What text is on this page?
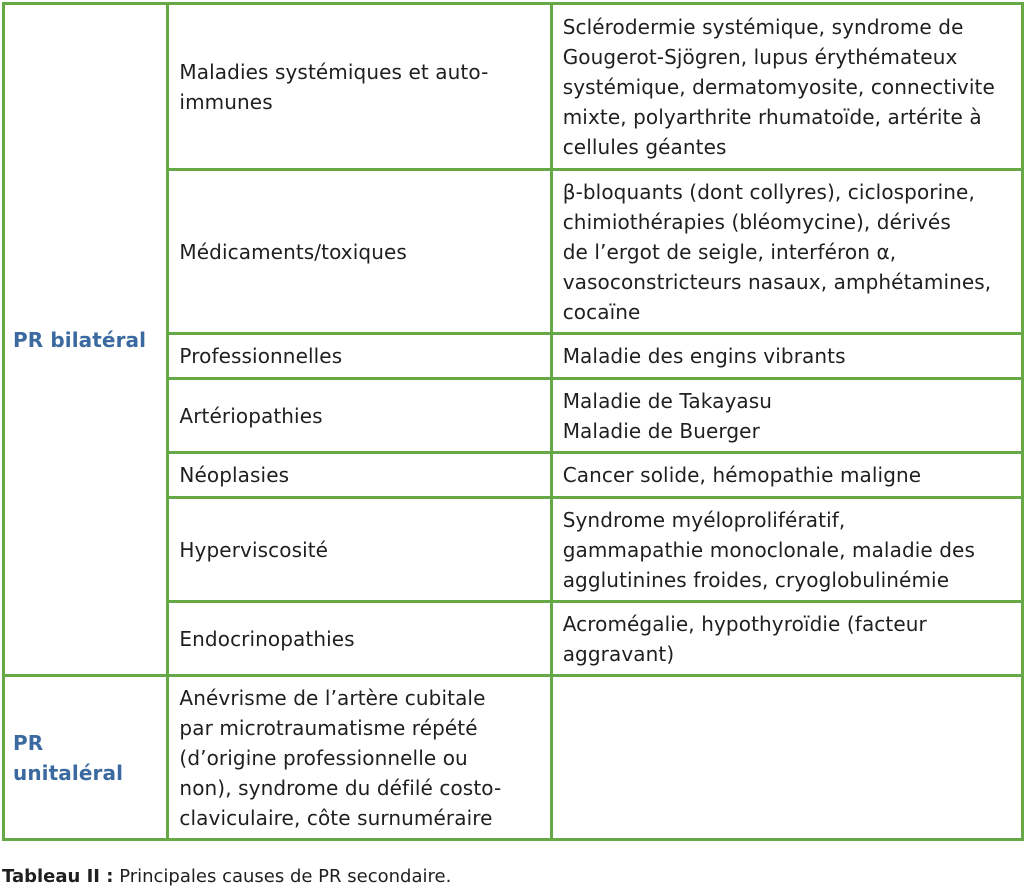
PR bilatéral	Maladies systémiques et auto-
immunes	Sclérodermie systémique, syndrome de
Gougerot-Sjögren, lupus érythémateux
systémique, dermatomyosite, connectivite
mixte, polyarthrite rhumatoïde, artérite à
cellules géantes

	Médicaments/toxiques	β-bloquants (dont collyres), ciclosporine,
chimiothérapies (bléomycine), dérivés
de l’ergot de seigle, interféron α,
vasoconstricteurs nasaux, amphétamines,
cocaïne

	Professionnelles	Maladie des engins vibrants

	Artériopathies	Maladie de Takayasu
Maladie de Buerger

	Néoplasies	Cancer solide, hémopathie maligne

	Hyperviscosité	Syndrome myéloprolifératif,
gammapathie monoclonale, maladie des
agglutinines froides, cryoglobulinémie

	Endocrinopathies	Acromégalie, hypothyroïdie (facteur
aggravant)

PR unitaléral	Anévrisme de l’artère cubitale
par microtraumatisme répété
(d’origine professionnelle ou
non), syndrome du défilé costo-
claviculaire, côte surnuméraire	

Tableau II : Principales causes de PR secondaire.
